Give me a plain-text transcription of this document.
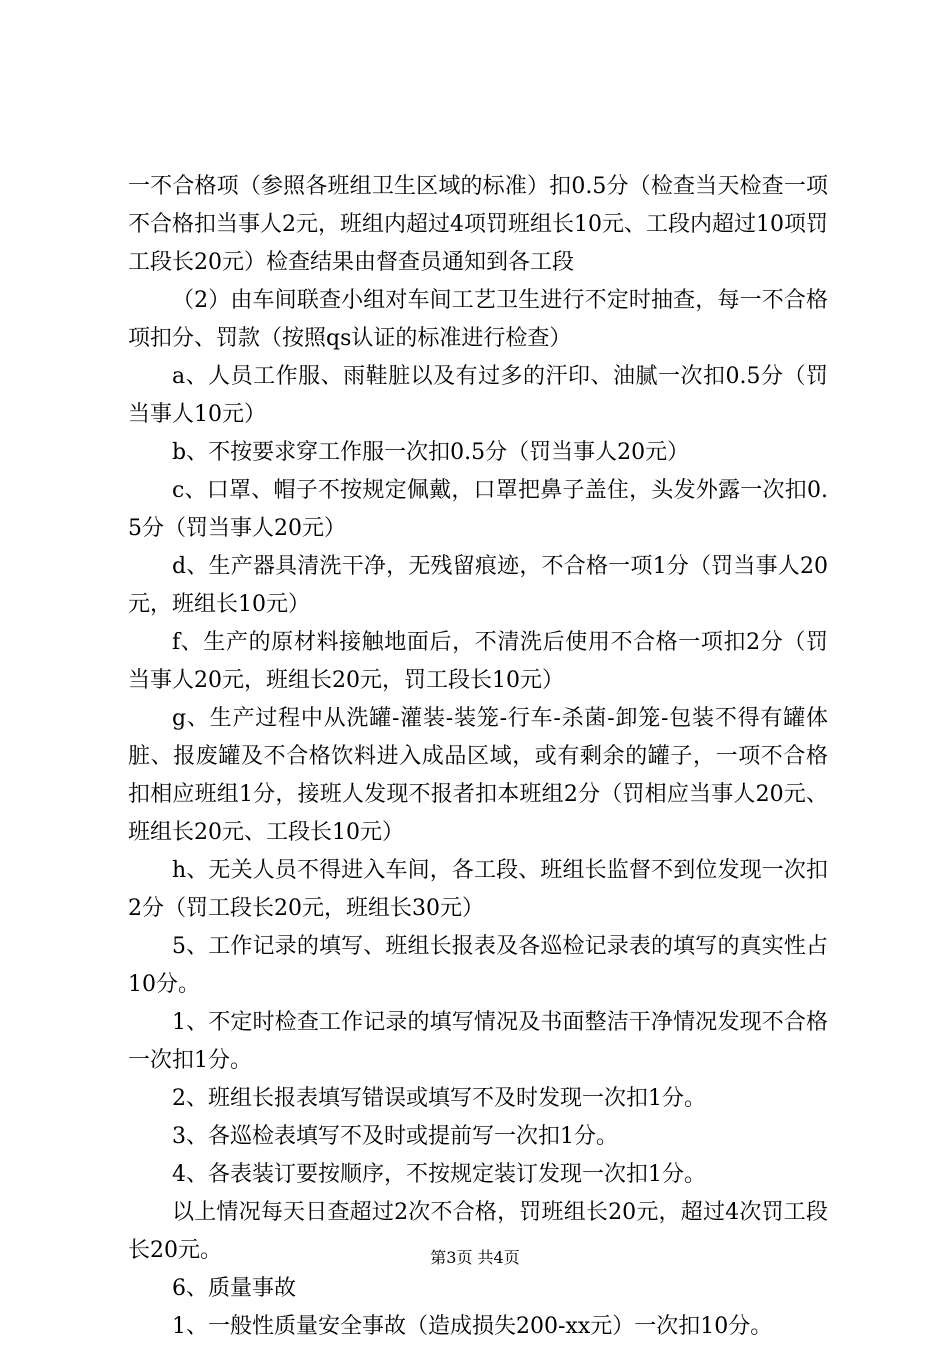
一不合格项（参照各班组卫生区域的标准）扣0.5分（检查当天检查一项不合格扣当事人2元，班组内超过4项罚班组长10元、工段内超过10项罚工段长20元）检查结果由督查员通知到各工段

（2）由车间联查小组对车间工艺卫生进行不定时抽查，每一不合格项扣分、罚款（按照qs认证的标准进行检查）

a、人员工作服、雨鞋脏以及有过多的汗印、油腻一次扣0.5分（罚当事人10元）

b、不按要求穿工作服一次扣0.5分（罚当事人20元）

c、口罩、帽子不按规定佩戴，口罩把鼻子盖住，头发外露一次扣0.5分（罚当事人20元）

d、生产器具清洗干净，无残留痕迹，不合格一项1分（罚当事人20元，班组长10元）

f、生产的原材料接触地面后，不清洗后使用不合格一项扣2分（罚当事人20元，班组长20元，罚工段长10元）

g、生产过程中从洗罐-灌装-装笼-行车-杀菌-卸笼-包装不得有罐体脏、报废罐及不合格饮料进入成品区域，或有剩余的罐子，一项不合格扣相应班组1分，接班人发现不报者扣本班组2分（罚相应当事人20元、班组长20元、工段长10元）

h、无关人员不得进入车间，各工段、班组长监督不到位发现一次扣2分（罚工段长20元，班组长30元）

5、工作记录的填写、班组长报表及各巡检记录表的填写的真实性占10分。

1、不定时检查工作记录的填写情况及书面整洁干净情况发现不合格一次扣1分。

2、班组长报表填写错误或填写不及时发现一次扣1分。

3、各巡检表填写不及时或提前写一次扣1分。

4、各表装订要按顺序，不按规定装订发现一次扣1分。

以上情况每天日查超过2次不合格，罚班组长20元，超过4次罚工段长20元。

6、质量事故

1、一般性质量安全事故（造成损失200-xx元）一次扣10分。

第3页 共4页
